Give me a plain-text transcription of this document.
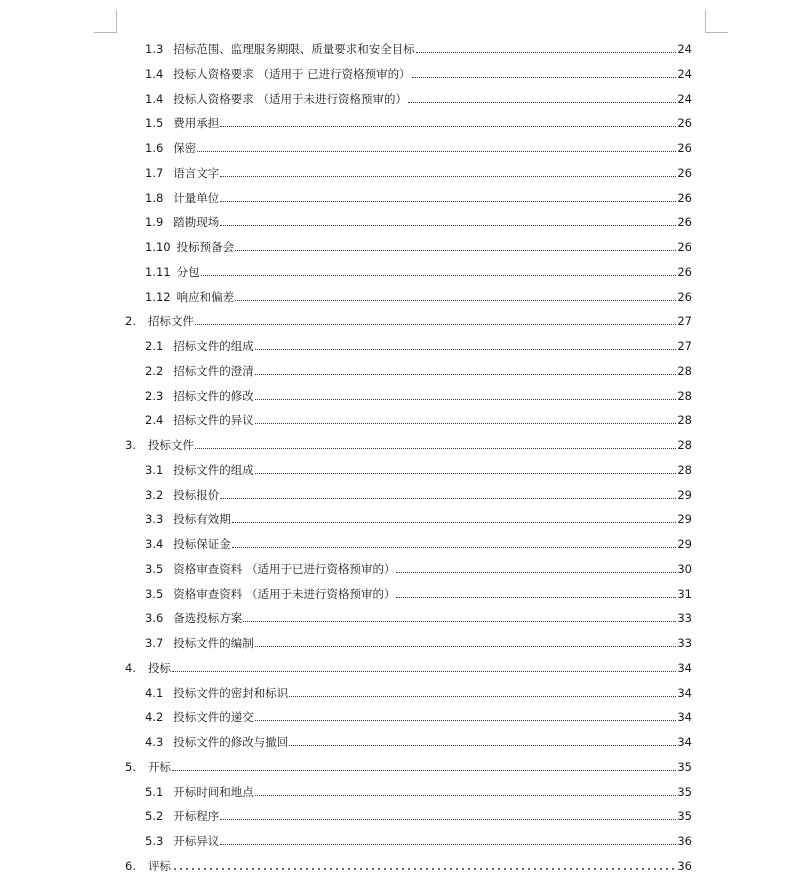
1.3 招标范围、监理服务期限、质量要求和安全目标	24
1.4 投标人资格要求 （适用于 已进行资格预审的）	24
1.4 投标人资格要求 （适用于未进行资格预审的）	24
1.5 费用承担	26
1.6 保密	26
1.7 语言文字	26
1.8 计量单位	26
1.9 踏勘现场	26
1.10 投标预备会	26
1.11 分包	26
1.12 响应和偏差	26
2. 招标文件	27
2.1 招标文件的组成	27
2.2 招标文件的澄清	28
2.3 招标文件的修改	28
2.4 招标文件的异议	28
3. 投标文件	28
3.1 投标文件的组成	28
3.2 投标报价	29
3.3 投标有效期	29
3.4 投标保证金	29
3.5 资格审查资料 （适用于已进行资格预审的）	30
3.5 资格审查资料 （适用于未进行资格预审的）	31
3.6 备选投标方案	33
3.7 投标文件的编制	33
4. 投标	34
4.1 投标文件的密封和标识	34
4.2 投标文件的递交	34
4.3 投标文件的修改与撤回	34
5. 开标	35
5.1 开标时间和地点	35
5.2 开标程序	35
5.3 开标异议	36
6. 评标	36
